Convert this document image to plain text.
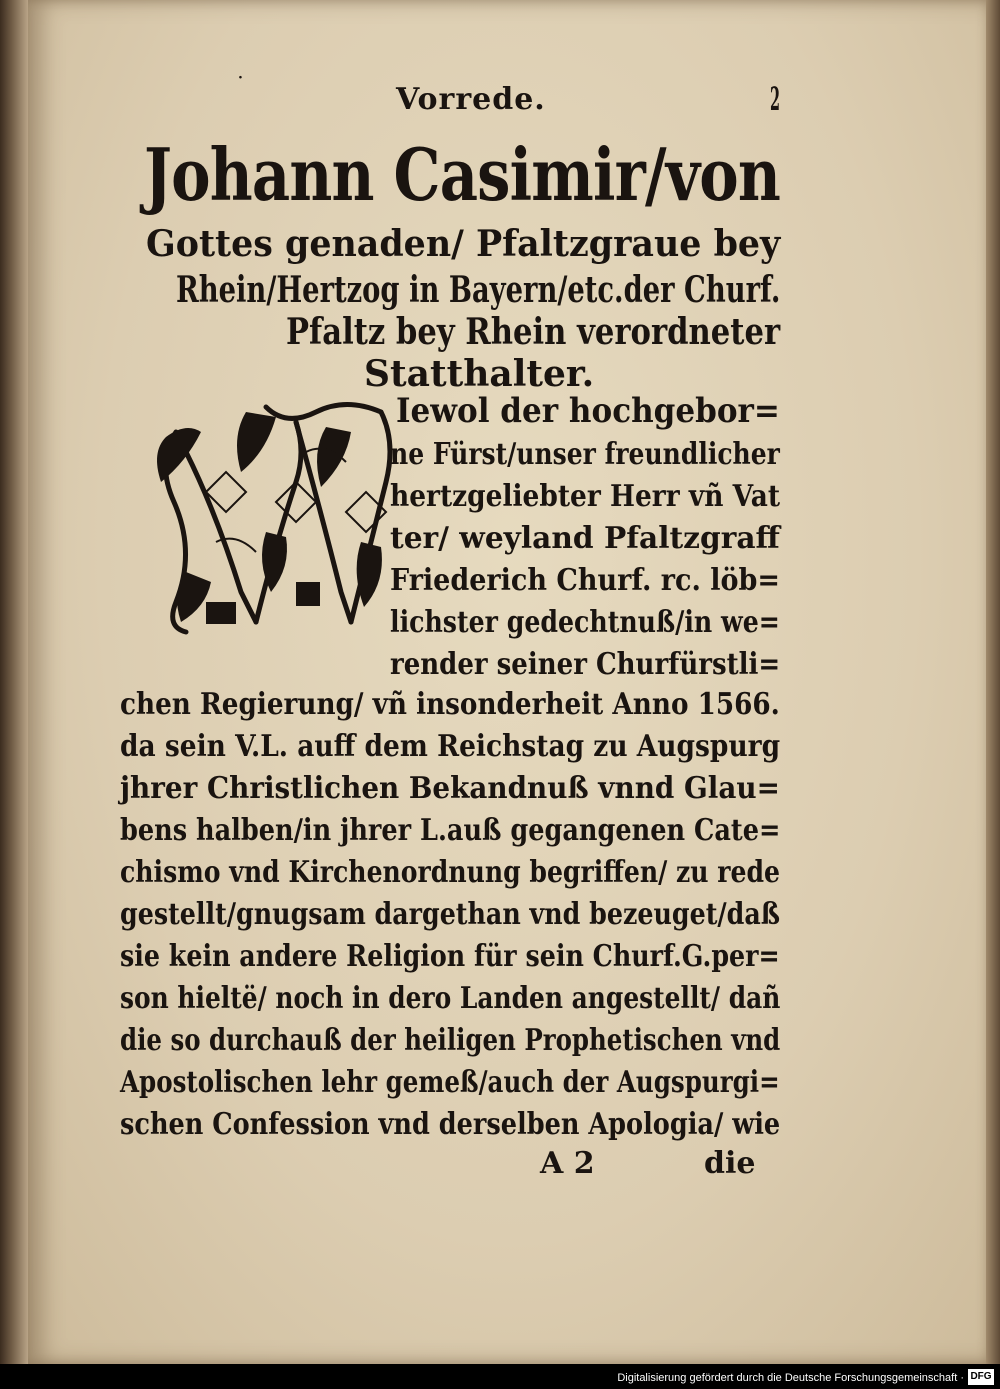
·
Vorrede.	2
Johann Casimir/von
Gottes genaden/ Pfaltzgraue bey
Rhein/Hertzog in Bayern/etc.der Churf.
Pfaltz bey Rhein verordneter
Statthalter.
Iewol der hochgebor=
ne Fürst/unser freundlicher
hertzgeliebter Herr vñ Vat
ter/ weyland Pfaltzgraff
Friederich Churf. rc. löb=
lichster gedechtnuß/in we=
render seiner Churfürstli=
chen Regierung/ vñ insonderheit Anno 1566.
da sein V.L. auff dem Reichstag zu Augspurg
jhrer Christlichen Bekandnuß vnnd Glau=
bens halben/in jhrer L.auß gegangenen Cate=
chismo vnd Kirchenordnung begriffen/ zu rede
gestellt/gnugsam dargethan vnd bezeuget/daß
sie kein andere Religion für sein Churf.G.per=
son hieltë/ noch in dero Landen angestellt/ dañ
die so durchauß der heiligen Prophetischen vnd
Apostolischen lehr gemeß/auch der Augspurgi=
schen Confession vnd derselben Apologia/ wie
A 2	die
Digitalisierung gefördert durch die Deutsche Forschungsgemeinschaft · DFG
